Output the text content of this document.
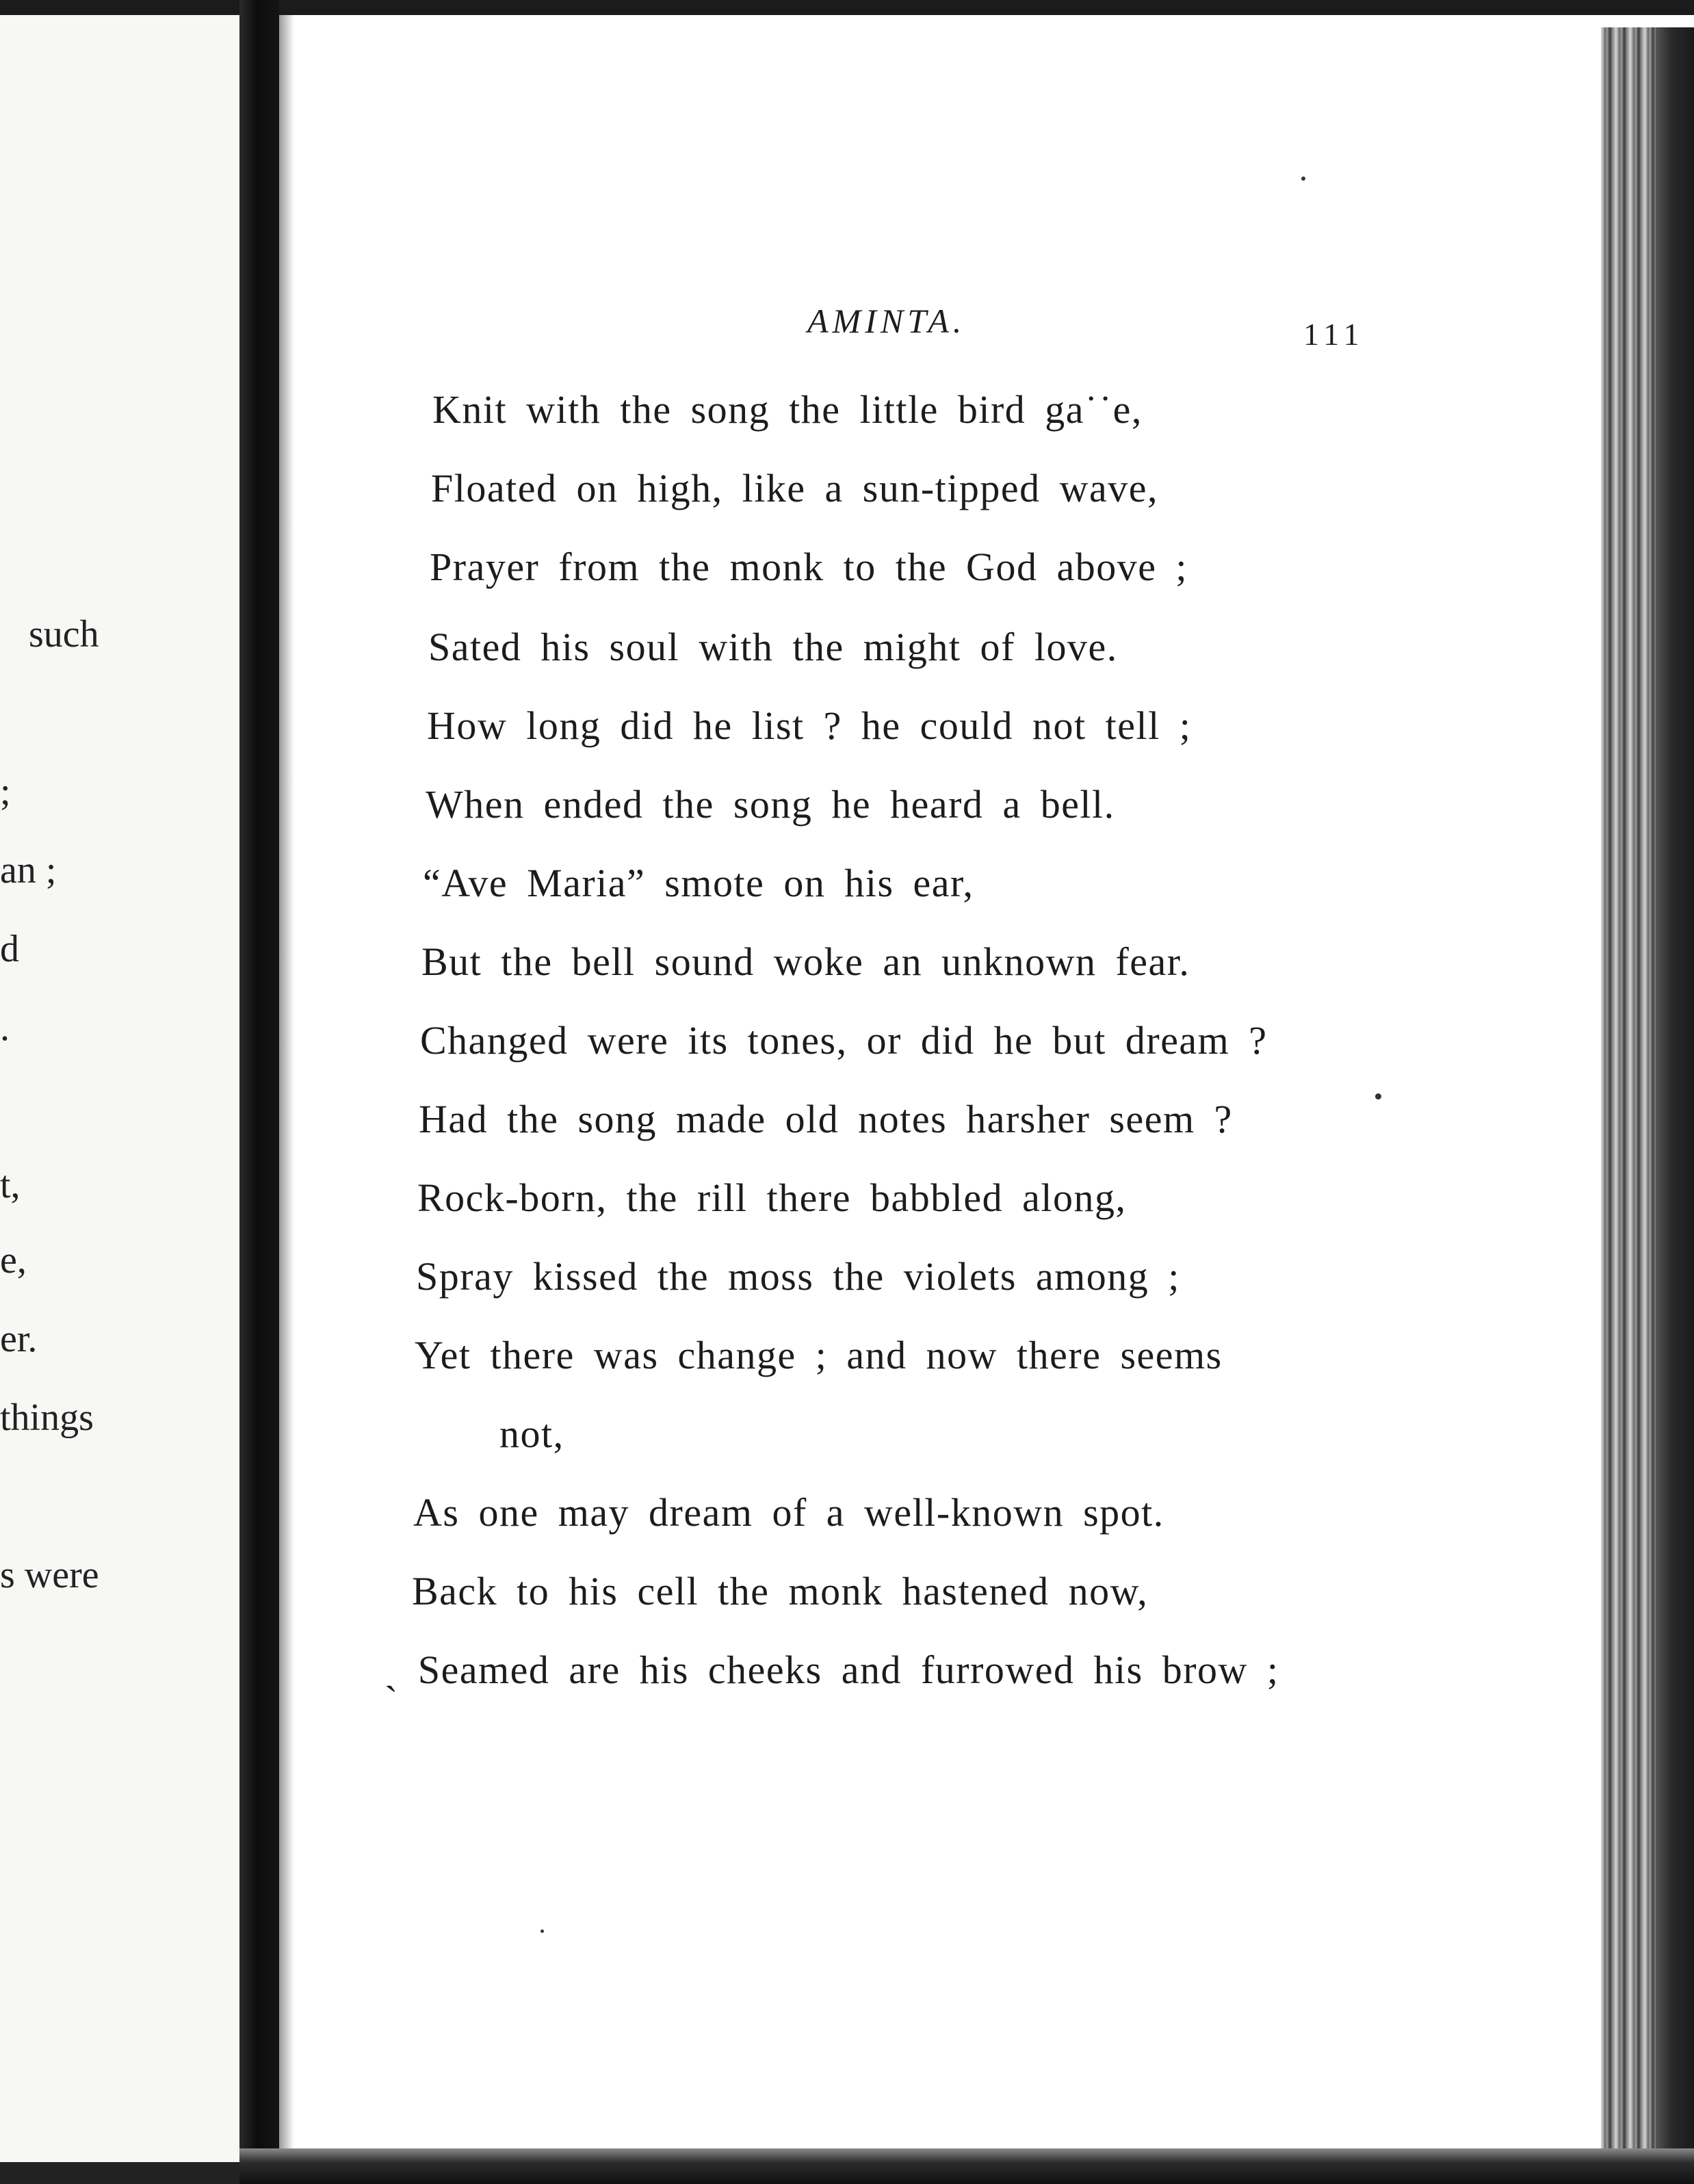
such
;
an ;
d
.
t,
e,
er.
things
s were
AMINTA.	111
Knit with the song the little bird ga˙˙e,
Floated on high, like a sun-tipped wave,
Prayer from the monk to the God above ;
Sated his soul with the might of love.
How long did he list ? he could not tell ;
When ended the song he heard a bell.
“Ave Maria” smote on his ear,
But the bell sound woke an unknown fear.
Changed were its tones, or did he but dream ?
Had the song made old notes harsher seem ?
Rock-born, the rill there babbled along,
Spray kissed the moss the violets among ;
Yet there was change ; and now there seems
not,
As one may dream of a well-known spot.
Back to his cell the monk hastened now,
ˏ Seamed are his cheeks and furrowed his brow ;
